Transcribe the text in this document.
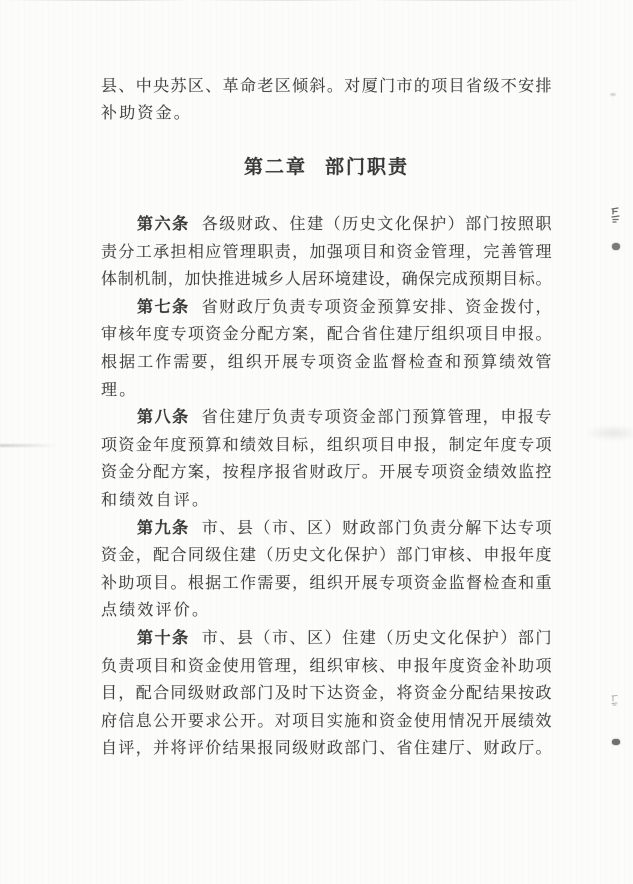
县、中央苏区、革命老区倾斜。对厦门市的项目省级不安排
补助资金。
第二章 部门职责
第六条 各级财政、住建（历史文化保护）部门按照职
责分工承担相应管理职责，加强项目和资金管理，完善管理
体制机制，加快推进城乡人居环境建设，确保完成预期目标。
第七条 省财政厅负责专项资金预算安排、资金拨付，
审核年度专项资金分配方案，配合省住建厅组织项目申报。
根据工作需要，组织开展专项资金监督检查和预算绩效管
理。
第八条 省住建厅负责专项资金部门预算管理，申报专
项资金年度预算和绩效目标，组织项目申报，制定年度专项
资金分配方案，按程序报省财政厅。开展专项资金绩效监控
和绩效自评。
第九条 市、县（市、区）财政部门负责分解下达专项
资金，配合同级住建（历史文化保护）部门审核、申报年度
补助项目。根据工作需要，组织开展专项资金监督检查和重
点绩效评价。
第十条 市、县（市、区）住建（历史文化保护）部门
负责项目和资金使用管理，组织审核、申报年度资金补助项
目，配合同级财政部门及时下达资金，将资金分配结果按政
府信息公开要求公开。对项目实施和资金使用情况开展绩效
自评，并将评价结果报同级财政部门、省住建厅、财政厅。
